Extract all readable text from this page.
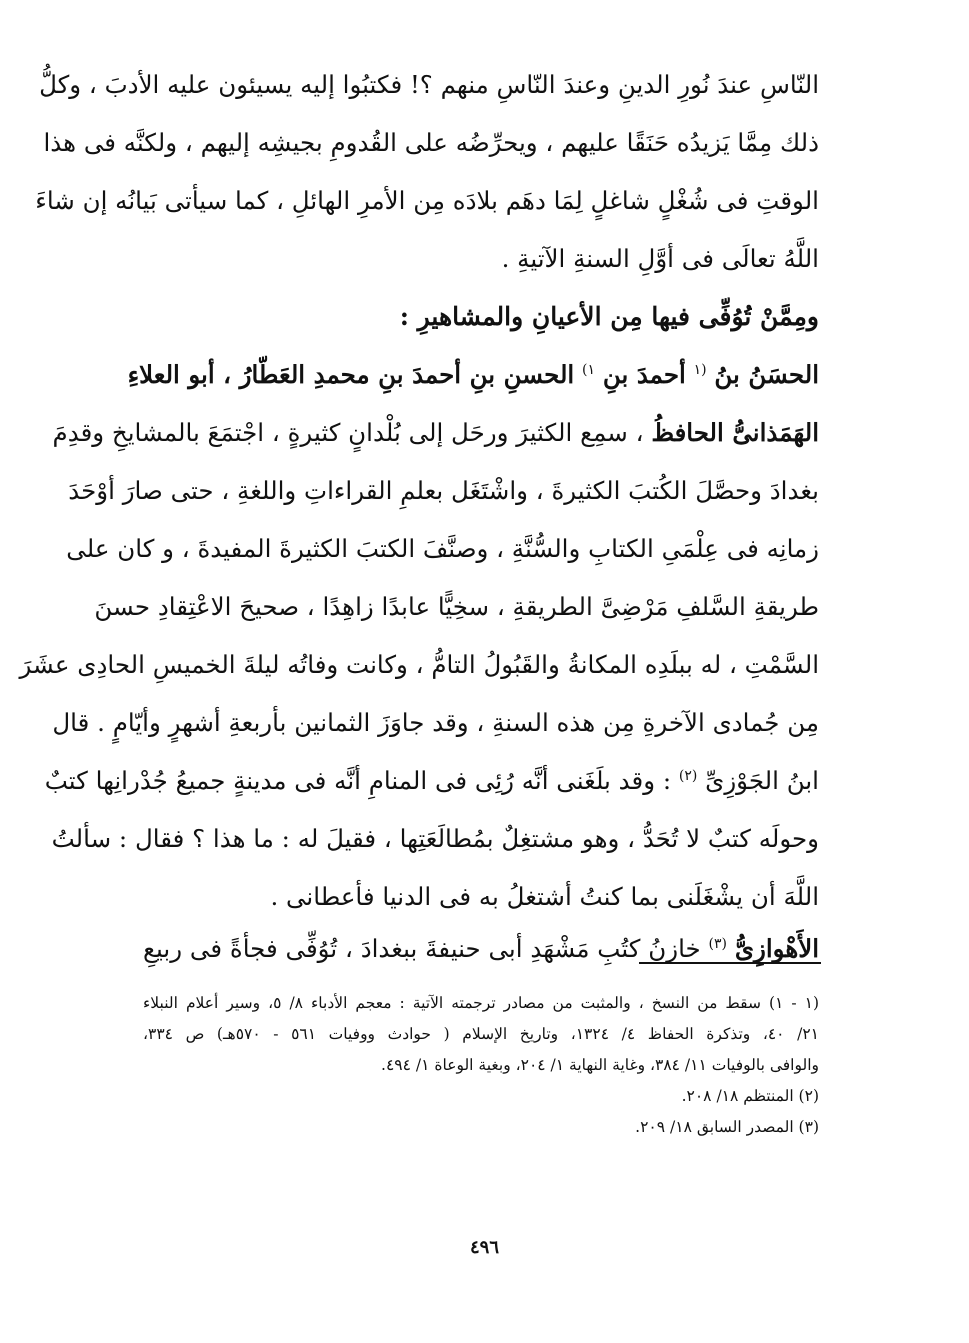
النّاسِ عندَ نُورِ الدينِ وعندَ النّاسِ منهم ؟! فكتبُوا إليه يسيئون عليه الأدبَ ، وكلُّ
ذلك مِمَّا يَزيدُه حَنَقًا عليهم ، ويحرِّضُه على القُدومِ بجيشِه إليهم ، ولكنَّه فى هذا
الوقتِ فى شُغْلٍ شاغلٍ لِمَا دهَم بلادَه مِن الأمرِ الهائلِ ، كما سيأتى بَيانُه إن شاءَ
اللَّهُ تعالَى فى أوَّلِ السنةِ الآتيةِ .
ومِمَّنْ تُوُفِّى فيها مِن الأعيانِ والمشاهيرِ :
الحسَنُ بنُ $^{(١}$ أحمدَ بنِ $^{١)}$ الحسنِ بنِ أحمدَ بنِ محمدِ العَطّارُ ، أبو العلاءِ
الهَمَذانىُّ الحافظُ ، سمِع الكثيرَ ورحَل إلى بُلْدانٍ كثيرةٍ ، اجْتمَعَ بالمشايخِ وقدِمَ
بغدادَ وحصَّلَ الكُتبَ الكثيرةَ ، واشْتَغَل بعلمِ القراءاتِ واللغةِ ، حتى صارَ أوْحَدَ
زمانِه فى عِلْمَىِ الكتابِ والسُّنَّةِ ، وصنَّفَ الكتبَ الكثيرةَ المفيدةَ ، و كان على
طريقةِ السَّلفِ مَرْضِىَّ الطريقةِ ، سخِيًّا عابدًا زاهِدًا ، صحيحَ الاعْتِقادِ حسنَ
السَّمْتِ ، له ببلَدِه المكانةُ والقَبُولُ التامُّ ، وكانت وفاتُه ليلةَ الخميسِ الحادِى عشَرَ
مِن جُمادى الآخرةِ مِن هذه السنةِ ، وقد جاوَزَ الثمانين بأربعةِ أشهرٍ وأيّامٍ . قال
ابنُ الجَوْزِىِّ $^{(٢)}$ : وقد بلَغَنى أنَّه رُئِى فى المنامِ أنَّه فى مدينةٍ جميعُ جُدْرانِها كتبٌ
وحولَه كتبٌ لا تُحَدُّ ، وهو مشتغِلٌ بمُطالَعَتِها ، فقيلَ له : ما هذا ؟ فقال : سألتُ
اللَّهَ أن يشْغَلَنى بما كنتُ أشتغلُ به فى الدنيا فأعطانى .
الأَهْوازِىُّ $^{(٣)}$ خازنُ كتُبِ مَشْهَدِ أبى حنيفةَ ببغدادَ ، تُوُفِّى فجأةً فى ربيعِ
(١ - ١) سقط من النسخ ، والمثبت من مصادر ترجمته الآتية : معجم الأدباء ٨/ ٥، وسير أعلام النبلاء
٢١/ ٤٠، وتذكرة الحفاظ ٤/ ١٣٢٤، وتاريخ الإسلام ( حوادث ووفيات ٥٦١ - ٥٧٠هـ) ص ٣٣٤،
والوافى بالوفيات ١١/ ٣٨٤، وغاية النهاية ١/ ٢٠٤، وبغية الوعاة ١/ ٤٩٤.
(٢) المنتظم ١٨/ ٢٠٨.
(٣) المصدر السابق ١٨/ ٢٠٩.
٤٩٦
